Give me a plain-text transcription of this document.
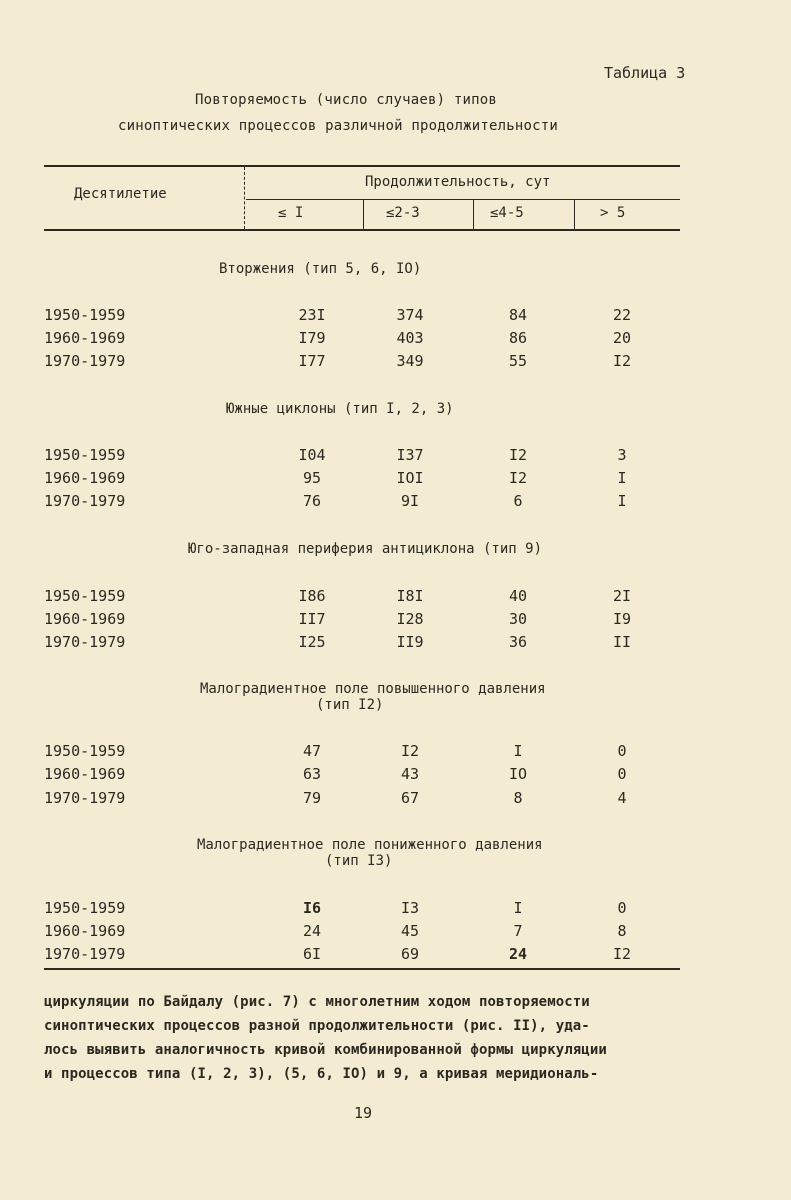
Таблица 3
Повторяемость (число случаев) типов
синоптических процессов различной продолжительности
Десятилетие
Продолжительность, сут
≤ I	≤2-3	≤4-5	> 5
Вторжения (тип 5, 6, IO)
1950-1959	23I	374	84	22
1960-1969	I79	403	86	20
1970-1979	I77	349	55	I2
Южные циклоны (тип I, 2, 3)
1950-1959	I04	I37	I2	3
1960-1969	95	IOI	I2	I
1970-1979	76	9I	6	I
Юго-западная периферия антициклона (тип 9)
1950-1959	I86	I8I	40	2I
1960-1969	II7	I28	30	I9
1970-1979	I25	II9	36	II
Малоградиентное поле повышенного давления
(тип I2)
1950-1959	47	I2	I	0
1960-1969	63	43	IO	0
1970-1979	79	67	8	4
Малоградиентное поле пониженного давления
(тип I3)
1950-1959	I6	I3	I	0
1960-1969	24	45	7	8
1970-1979	6I	69	24	I2
циркуляции по Байдалу (рис. 7) с многолетним ходом повторяемости
синоптических процессов разной продолжительности (рис. II), уда-
лось выявить аналогичность кривой комбинированной формы циркуляции
и процессов типа (I, 2, 3), (5, 6, IO) и 9, а кривая меридиональ-
19
